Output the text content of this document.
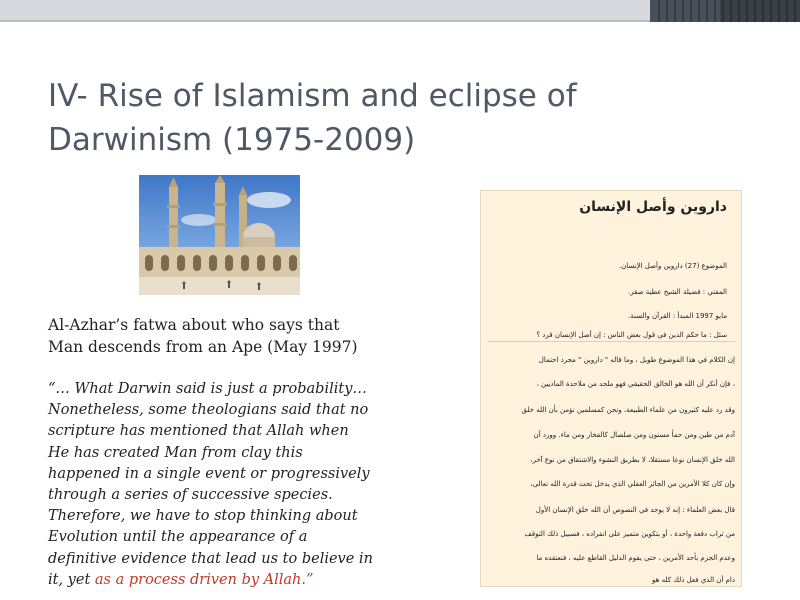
IV- Rise of Islamism and eclipse of
Darwinism (1975-2009)
Al-Azhar’s fatwa about who says that
Man descends from an Ape (May 1997)

“… What Darwin said is just a probability…
Nonetheless, some theologians said that no
scripture has mentioned that Allah when
He has created Man from clay this
happened in a single event or progressively
through a series of successive species.
Therefore, we have to stop thinking about
Evolution until the appearance of a
definitive evidence that lead us to believe in
it, yet as a process driven by Allah.”

داروين وأصل الإنسان
الموضوع (27) داروين وأصل الإنسان.
المفتي : فضيلة الشيخ عطية صقر.
مايو 1997 المبدأ : القرآن والسنة.
سئل : ما حكم الدين في قول بعض الناس : إن أصل الإنسان قرد ؟
إن الكلام في هذا الموضوع طويل ، وما قاله " داروين " مجرد احتمال
، فإن أنكر أن الله هو الخالق الحقيقي فهو ملحد من ملاحدة الماديين ،
وقد رد عليه كثيرون من علماء الطبيعة، ونحن كمسلمين نؤمن بأن الله خلق
آدم من طين ومن حمأ مسنون ومن صلصال كالفخار ومن ماء. وورد أن
الله خلق الإنسان نوعا مستقلا، لا بطريق النشوء والاشتقاق من نوع آخر،
وإن كان كلا الأمرين من الجائز العقلي الذي يدخل تحت قدرة الله تعالى،
قال بعض العلماء : إنه لا يوجد في النصوص أن الله خلق الإنسان الأول
من تراب دفعة واحدة ، أو بتكوين متميز على انفراده ، فسبيل ذلك التوقف
وعدم الجزم بأحد الأمرين ، حتى يقوم الدليل القاطع عليه ، فنعتقده ما
دام أن الذي فعل ذلك كله هو
